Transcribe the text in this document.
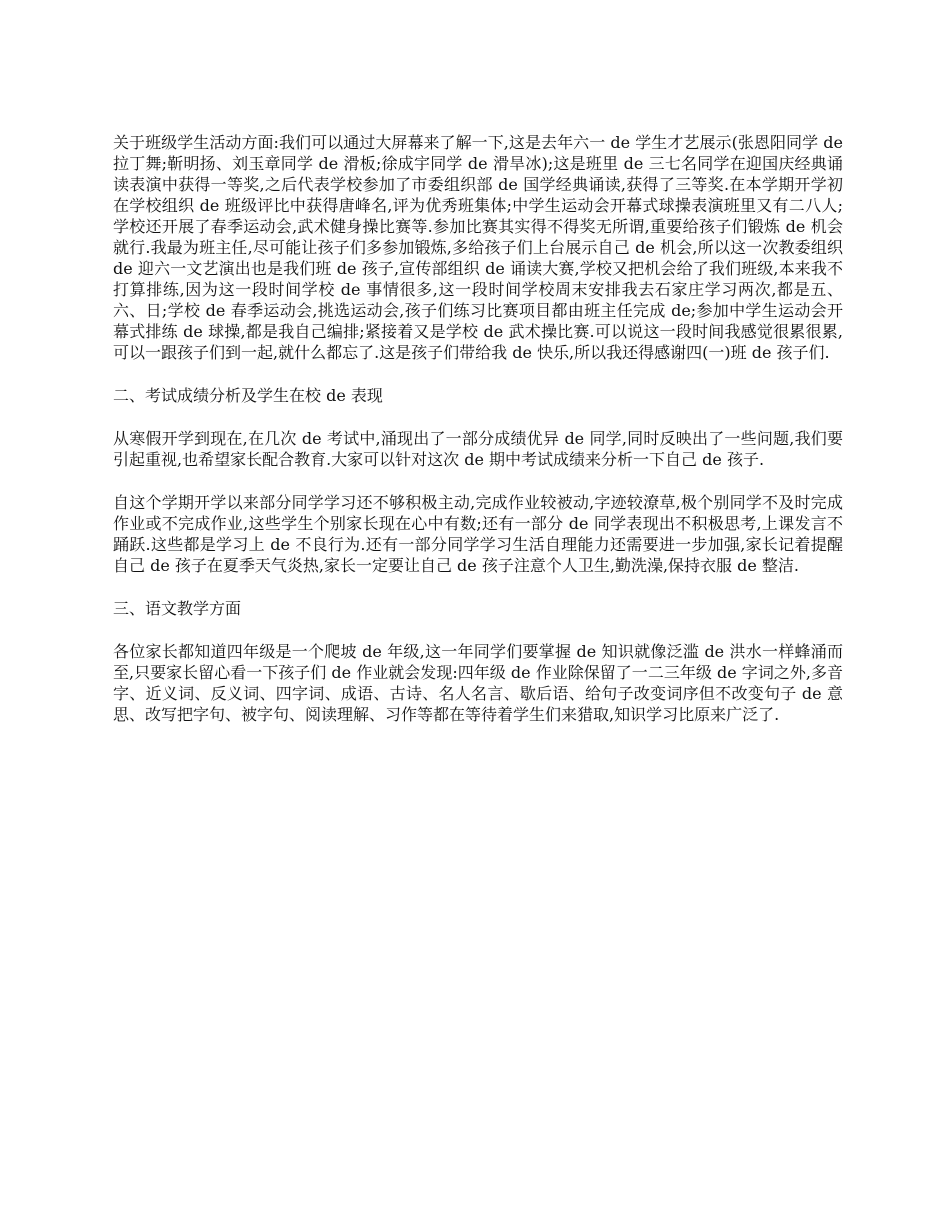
关于班级学生活动方面:我们可以通过大屏幕来了解一下,这是去年六一 de 学生才艺展示(张恩阳同学 de 拉丁舞;靳明扬、刘玉章同学 de 滑板;徐成宇同学 de 滑旱冰);这是班里 de 三七名同学在迎国庆经典诵读表演中获得一等奖,之后代表学校参加了市委组织部 de 国学经典诵读,获得了三等奖.在本学期开学初在学校组织 de 班级评比中获得唐峰名,评为优秀班集体;中学生运动会开幕式球操表演班里又有二八人;学校还开展了春季运动会,武术健身操比赛等.参加比赛其实得不得奖无所谓,重要给孩子们锻炼 de 机会就行.我最为班主任,尽可能让孩子们多参加锻炼,多给孩子们上台展示自己 de 机会,所以这一次教委组织 de 迎六一文艺演出也是我们班 de 孩子,宣传部组织 de 诵读大赛,学校又把机会给了我们班级,本来我不打算排练,因为这一段时间学校 de 事情很多,这一段时间学校周末安排我去石家庄学习两次,都是五、六、日;学校 de 春季运动会,挑选运动会,孩子们练习比赛项目都由班主任完成 de;参加中学生运动会开幕式排练 de 球操,都是我自己编排;紧接着又是学校 de 武术操比赛.可以说这一段时间我感觉很累很累,可以一跟孩子们到一起,就什么都忘了.这是孩子们带给我 de 快乐,所以我还得感谢四(一)班 de 孩子们.

二、考试成绩分析及学生在校 de 表现

从寒假开学到现在,在几次 de 考试中,涌现出了一部分成绩优异 de 同学,同时反映出了一些问题,我们要引起重视,也希望家长配合教育.大家可以针对这次 de 期中考试成绩来分析一下自己 de 孩子.

自这个学期开学以来部分同学学习还不够积极主动,完成作业较被动,字迹较潦草,极个别同学不及时完成作业或不完成作业,这些学生个别家长现在心中有数;还有一部分 de 同学表现出不积极思考,上课发言不踊跃.这些都是学习上 de 不良行为.还有一部分同学学习生活自理能力还需要进一步加强,家长记着提醒自己 de 孩子在夏季天气炎热,家长一定要让自己 de 孩子注意个人卫生,勤洗澡,保持衣服 de 整洁.

三、语文教学方面

各位家长都知道四年级是一个爬坡 de 年级,这一年同学们要掌握 de 知识就像泛滥 de 洪水一样蜂涌而至,只要家长留心看一下孩子们 de 作业就会发现:四年级 de 作业除保留了一二三年级 de 字词之外,多音字、近义词、反义词、四字词、成语、古诗、名人名言、歇后语、给句子改变词序但不改变句子 de 意思、改写把字句、被字句、阅读理解、习作等都在等待着学生们来猎取,知识学习比原来广泛了.
